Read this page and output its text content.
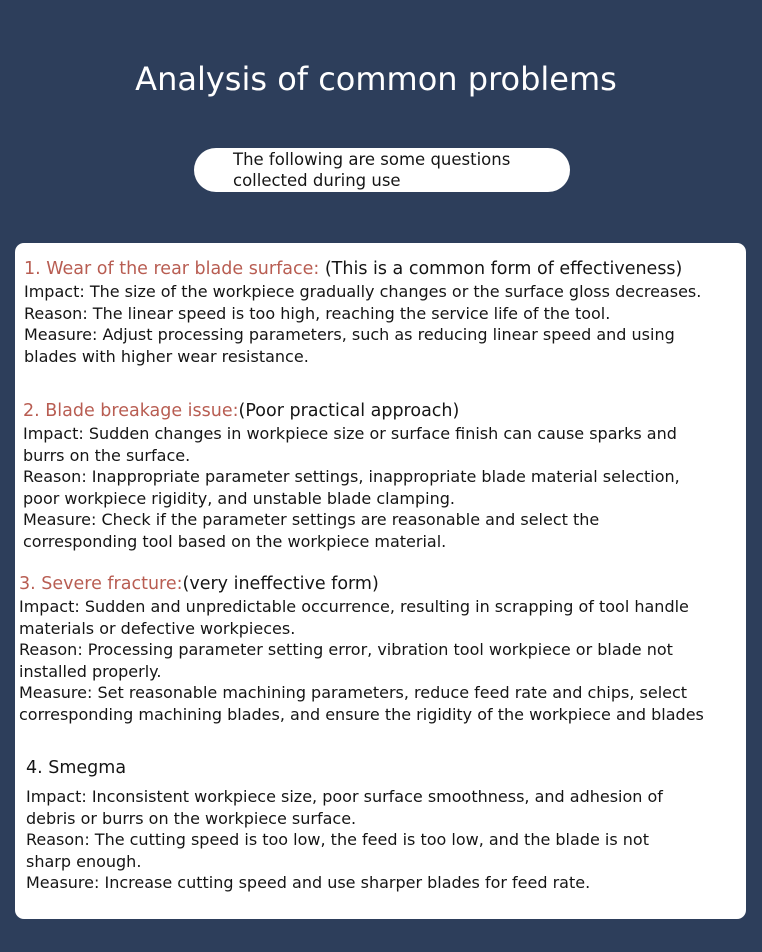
Analysis of common problems
The following are some questions
collected during use
1. Wear of the rear blade surface: (This is a common form of effectiveness)
Impact: The size of the workpiece gradually changes or the surface gloss decreases.
Reason: The linear speed is too high, reaching the service life of the tool.
Measure: Adjust processing parameters, such as reducing linear speed and using
blades with higher wear resistance.
2. Blade breakage issue:(Poor practical approach)
Impact: Sudden changes in workpiece size or surface finish can cause sparks and
burrs on the surface.
Reason: Inappropriate parameter settings, inappropriate blade material selection,
poor workpiece rigidity, and unstable blade clamping.
Measure: Check if the parameter settings are reasonable and select the
corresponding tool based on the workpiece material.
3. Severe fracture:(very ineffective form)
Impact: Sudden and unpredictable occurrence, resulting in scrapping of tool handle
materials or defective workpieces.
Reason: Processing parameter setting error, vibration tool workpiece or blade not
installed properly.
Measure: Set reasonable machining parameters, reduce feed rate and chips, select
corresponding machining blades, and ensure the rigidity of the workpiece and blades
4. Smegma
Impact: Inconsistent workpiece size, poor surface smoothness, and adhesion of
debris or burrs on the workpiece surface.
Reason: The cutting speed is too low, the feed is too low, and the blade is not
sharp enough.
Measure: Increase cutting speed and use sharper blades for feed rate.
